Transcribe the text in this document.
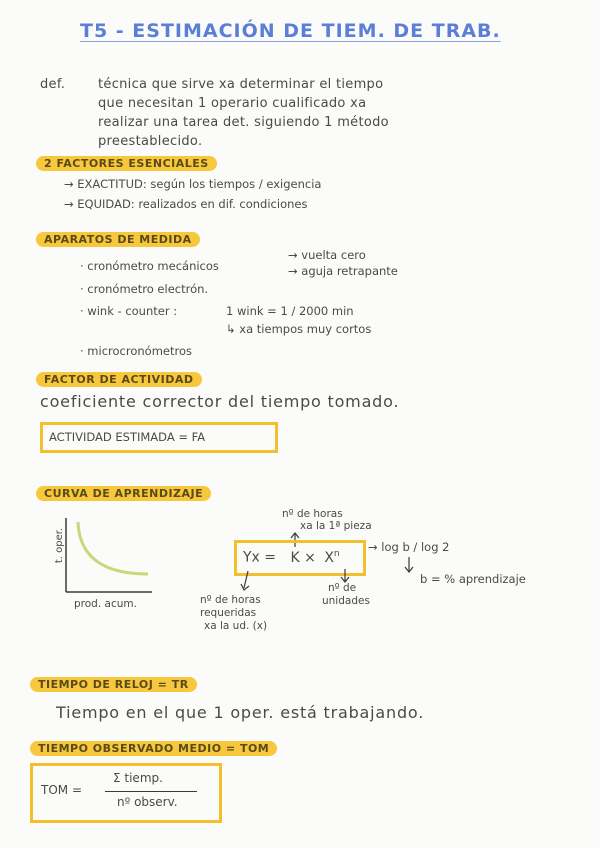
T5 - ESTIMACIÓN DE TIEM. DE TRAB.
def.	técnica que sirve xa determinar el tiempo
que necesitan 1 operario cualificado xa
realizar una tarea det. siguiendo 1 método
preestablecido.
2 FACTORES ESENCIALES
→ EXACTITUD: según los tiempos / exigencia
→ EQUIDAD: realizados en dif. condiciones
APARATOS DE MEDIDA
· cronómetro mecánicos
→ vuelta cero
→ aguja retrapante
· cronómetro electrón.
· wink - counter :	1 wink = 1 / 2000 min
↳ xa tiempos muy cortos
· microcronómetros
FACTOR DE ACTIVIDAD
coeficiente corrector del tiempo tomado.
ACTIVIDAD ESTIMADA = FA
CURVA DE APRENDIZAJE
t. oper.
prod. acum.
nº de horas
xa la 1ª pieza
$Yx = K \times X^n \to \log b / \log 2$
b = % aprendizaje
nº de
unidades
nº de horas
requeridas
xa la ud. (x)
TIEMPO DE RELOJ = TR
Tiempo en el que 1 oper. está trabajando.
TIEMPO OBSERVADO MEDIO = TOM
TOM =
Σ tiemp.
nº observ.
